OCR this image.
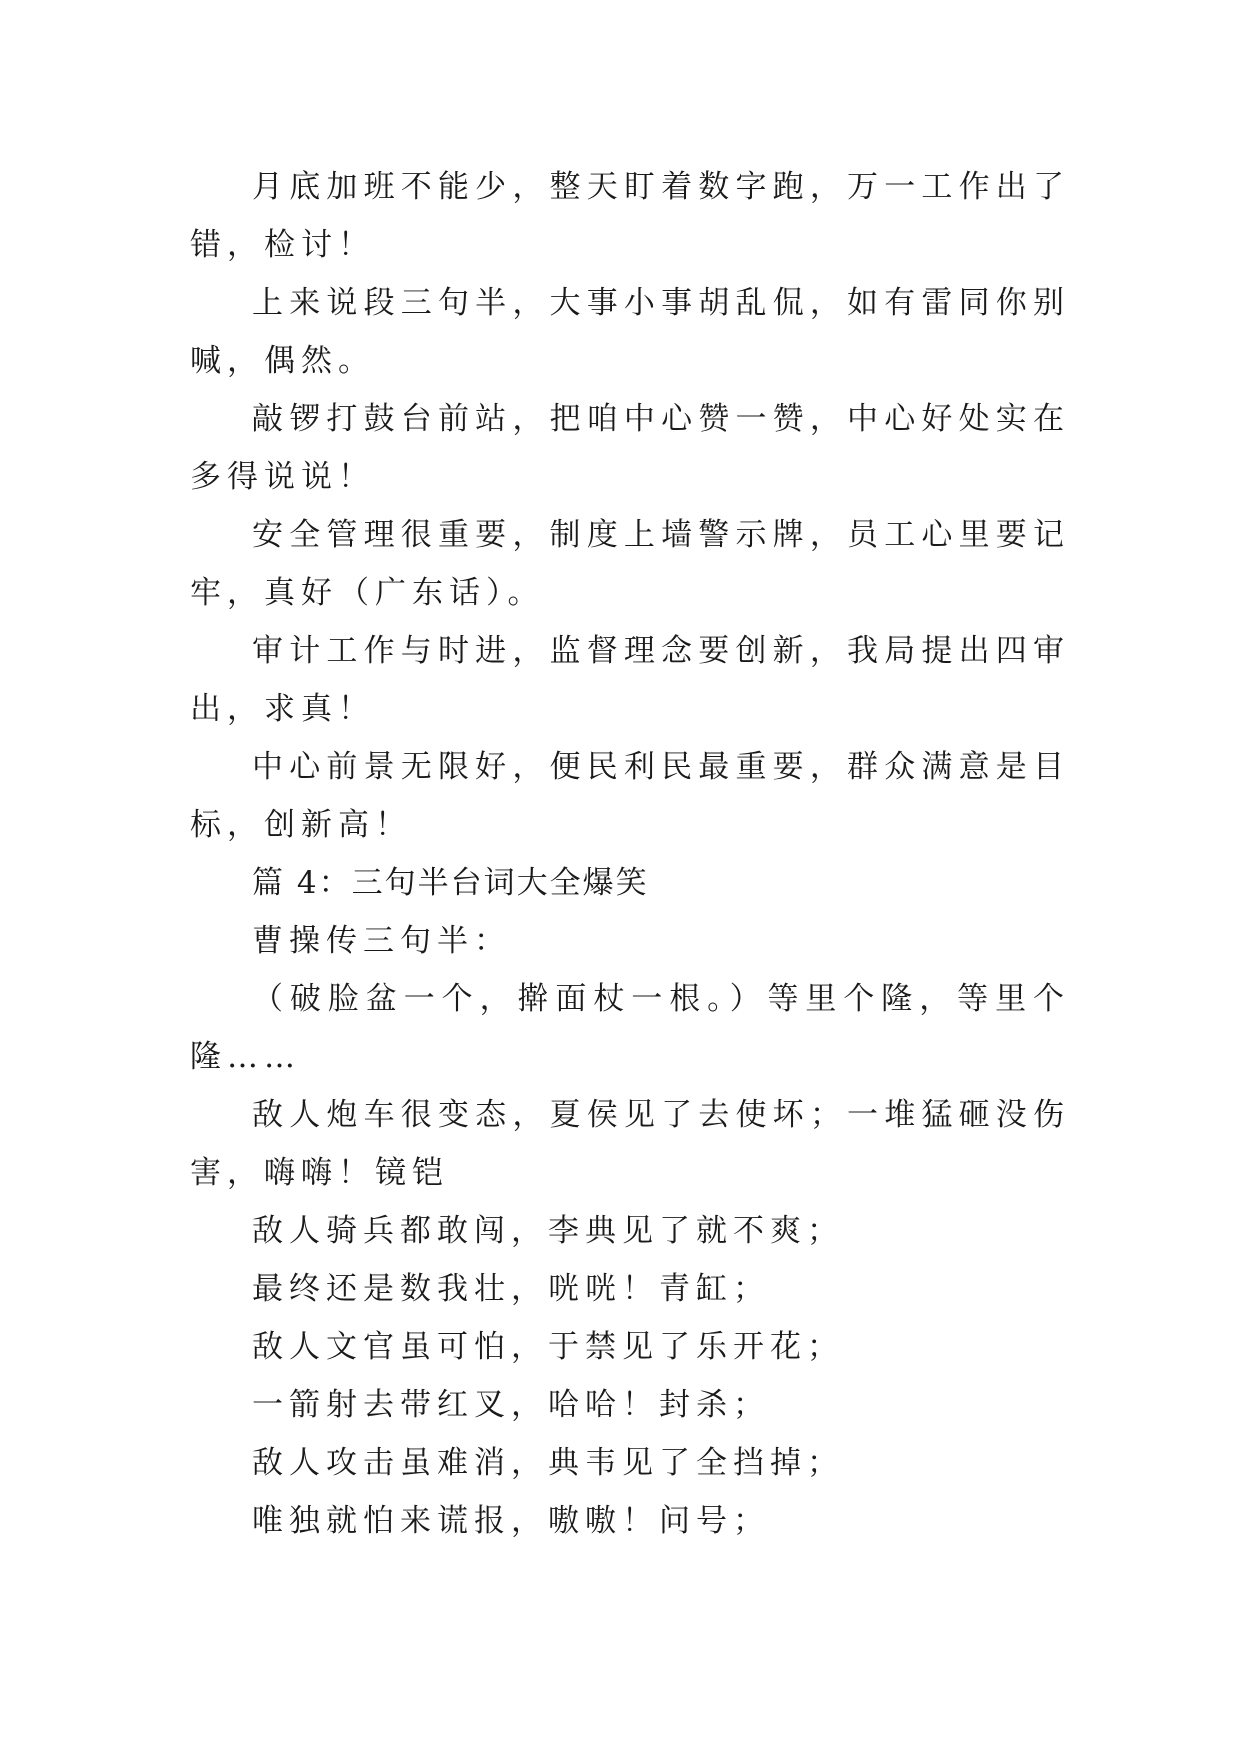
月底加班不能少，整天盯着数字跑，万一工作出了错，检讨！

上来说段三句半，大事小事胡乱侃，如有雷同你别喊，偶然。

敲锣打鼓台前站，把咱中心赞一赞，中心好处实在多得说说！

安全管理很重要，制度上墙警示牌，员工心里要记牢，真好（广东话）。

审计工作与时进，监督理念要创新，我局提出四审出，求真！

中心前景无限好，便民利民最重要，群众满意是目标，创新高！

篇 4：三句半台词大全爆笑

曹操传三句半：

（破脸盆一个，擀面杖一根。）等里个隆，等里个隆……

敌人炮车很变态，夏侯见了去使坏；一堆猛砸没伤害，嗨嗨！镜铠

敌人骑兵都敢闯，李典见了就不爽；

最终还是数我壮，咣咣！青缸；

敌人文官虽可怕，于禁见了乐开花；

一箭射去带红叉，哈哈！封杀；

敌人攻击虽难消，典韦见了全挡掉；

唯独就怕来谎报，嗷嗷！问号；
